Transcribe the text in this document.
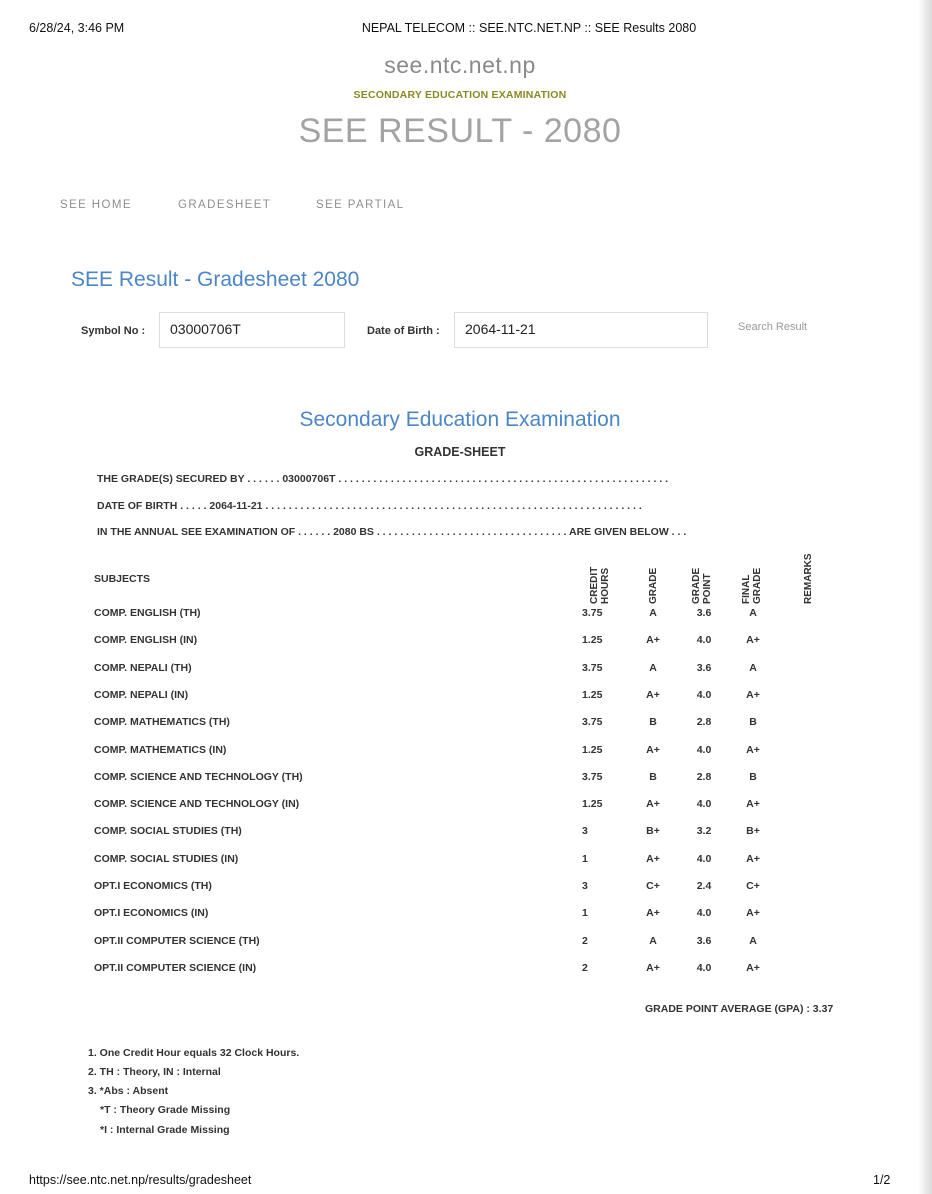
6/28/24, 3:46 PM	NEPAL TELECOM :: SEE.NTC.NET.NP :: SEE Results 2080
see.ntc.net.np
SECONDARY EDUCATION EXAMINATION
SEE RESULT - 2080
SEE HOME	GRADESHEET	SEE PARTIAL
SEE Result - Gradesheet 2080
Symbol No :	03000706T	Date of Birth :	2064-11-21	Search Result
Secondary Education Examination
GRADE-SHEET
THE GRADE(S) SECURED BY . . . . . . 03000706T . . . . . . . . . . . . . . . . . . . . . . . . . . . . . . . . . . . . . . . . . . . . . . . . . . . . . . . . .
DATE OF BIRTH . . . . . 2064-11-21 . . . . . . . . . . . . . . . . . . . . . . . . . . . . . . . . . . . . . . . . . . . . . . . . . . . . . . . . . . . . . . . . .
IN THE ANNUAL SEE EXAMINATION OF . . . . . . 2080 BS . . . . . . . . . . . . . . . . . . . . . . . . . . . . . . . . . ARE GIVEN BELOW . . .
SUBJECTS	CREDIT HOURS	GRADE	GRADE POINT	FINAL GRADE	REMARKS
COMP. ENGLISH (TH)	3.75	A	3.6	A
COMP. ENGLISH (IN)	1.25	A+	4.0	A+
COMP. NEPALI (TH)	3.75	A	3.6	A
COMP. NEPALI (IN)	1.25	A+	4.0	A+
COMP. MATHEMATICS (TH)	3.75	B	2.8	B
COMP. MATHEMATICS (IN)	1.25	A+	4.0	A+
COMP. SCIENCE AND TECHNOLOGY (TH)	3.75	B	2.8	B
COMP. SCIENCE AND TECHNOLOGY (IN)	1.25	A+	4.0	A+
COMP. SOCIAL STUDIES (TH)	3	B+	3.2	B+
COMP. SOCIAL STUDIES (IN)	1	A+	4.0	A+
OPT.I ECONOMICS (TH)	3	C+	2.4	C+
OPT.I ECONOMICS (IN)	1	A+	4.0	A+
OPT.II COMPUTER SCIENCE (TH)	2	A	3.6	A
OPT.II COMPUTER SCIENCE (IN)	2	A+	4.0	A+
GRADE POINT AVERAGE (GPA) : 3.37
1. One Credit Hour equals 32 Clock Hours.
2. TH : Theory, IN : Internal
3. *Abs : Absent
*T : Theory Grade Missing
*I : Internal Grade Missing
https://see.ntc.net.np/results/gradesheet	1/2
